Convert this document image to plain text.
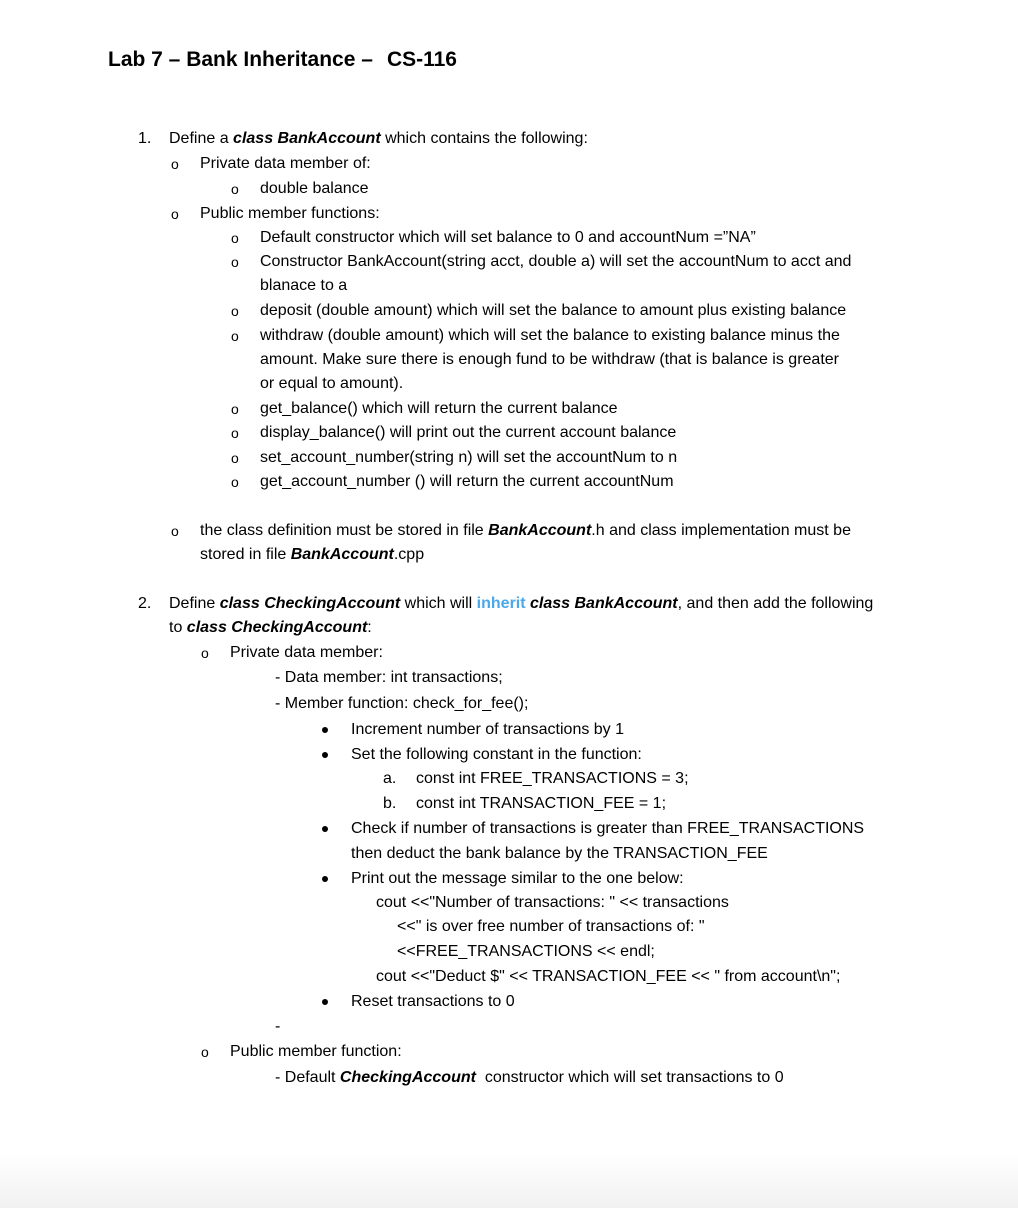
Lab 7 – Bank Inheritance – CS-116
1. Define a class BankAccount which contains the following:
o Private data member of:
o double balance
o Public member functions:
o Default constructor which will set balance to 0 and accountNum =”NA”
o Constructor BankAccount(string acct, double a) will set the accountNum to acct and
blanace to a
o deposit (double amount) which will set the balance to amount plus existing balance
o withdraw (double amount) which will set the balance to existing balance minus the
amount. Make sure there is enough fund to be withdraw (that is balance is greater
or equal to amount).
o get_balance() which will return the current balance
o display_balance() will print out the current account balance
o set_account_number(string n) will set the accountNum to n
o get_account_number () will return the current accountNum
o the class definition must be stored in file BankAccount.h and class implementation must be
stored in file BankAccount.cpp
2. Define class CheckingAccount which will inherit class BankAccount, and then add the following
to class CheckingAccount:
o Private data member:
- Data member: int transactions;
- Member function: check_for_fee();
Increment number of transactions by 1
Set the following constant in the function:
a. const int FREE_TRANSACTIONS = 3;
b. const int TRANSACTION_FEE = 1;
Check if number of transactions is greater than FREE_TRANSACTIONS
then deduct the bank balance by the TRANSACTION_FEE
Print out the message similar to the one below:
cout <<"Number of transactions: " << transactions
<<" is over free number of transactions of: "
<<FREE_TRANSACTIONS << endl;
cout <<"Deduct $" << TRANSACTION_FEE << " from account\n";
Reset transactions to 0
-
o Public member function:
- Default CheckingAccount  constructor which will set transactions to 0
